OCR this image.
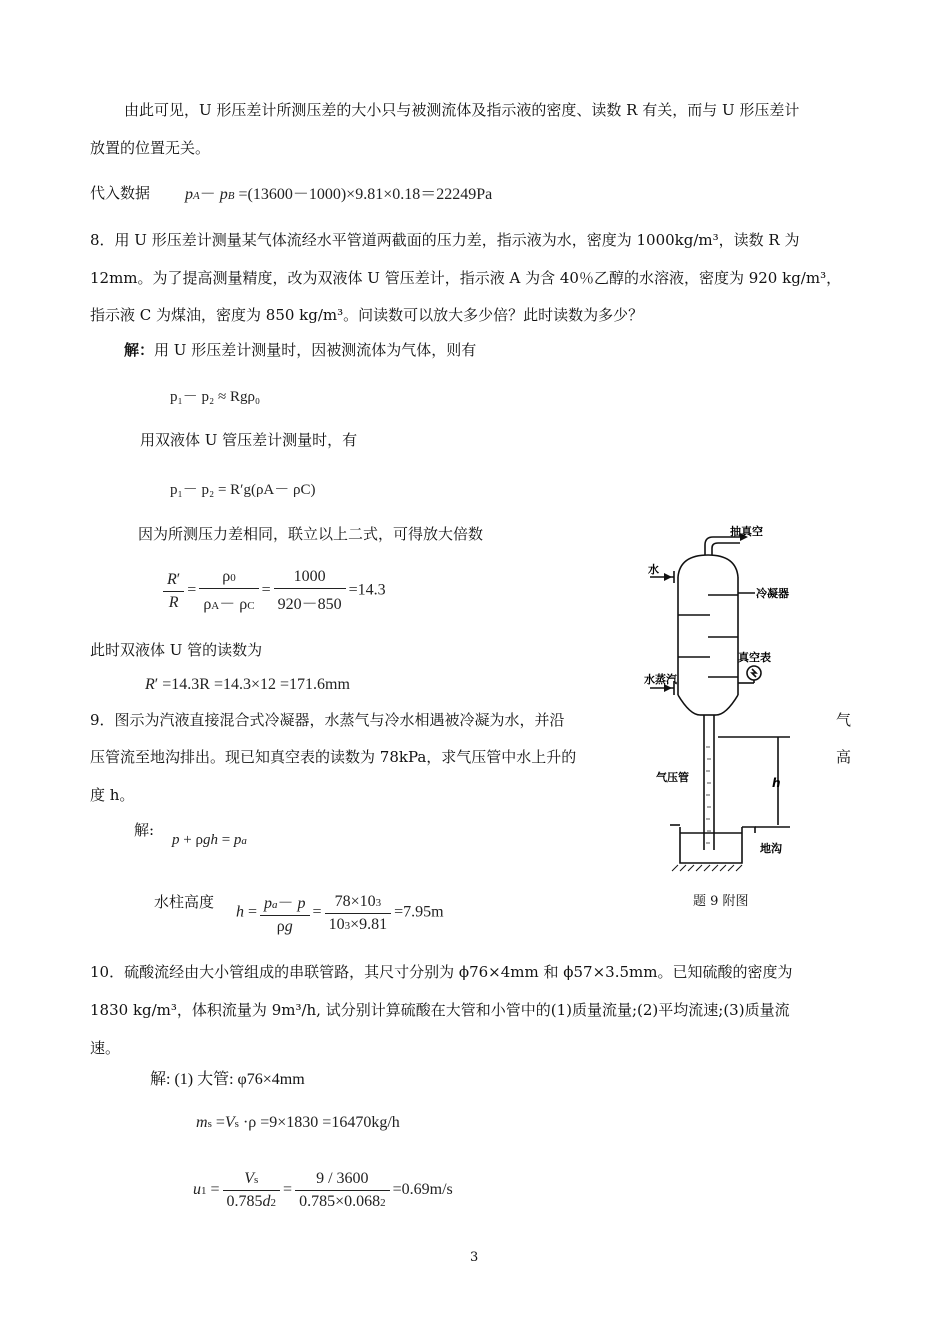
由此可见，U 形压差计所测压差的大小只与被测流体及指示液的密度、读数 R 有关，而与 U 形压差计
放置的位置无关。
代入数据 pA－ pB =(13600－1000)×9.81×0.18＝22249Pa
8．用 U 形压差计测量某气体流经水平管道两截面的压力差，指示液为水，密度为 1000kg/m³，读数 R 为
12mm。为了提高测量精度，改为双液体 U 管压差计，指示液 A 为含 40％乙醇的水溶液，密度为 920 kg/m³，
指示液 C 为煤油，密度为 850 kg/m³。问读数可以放大多少倍？此时读数为多少？
解：用 U 形压差计测量时，因被测流体为气体，则有
p₁－ p₂ ≈ Rgρ₀
用双液体 U 管压差计测量时，有
p₁－ p₂ = R′g(ρA－ ρC)
因为所测压力差相同，联立以上二式，可得放大倍数
$\frac{R'}{R} = \frac{\rho 0}{\rho A- \rho C} = \frac{1000}{920-850} =14.3$
此时双液体 U 管的读数为
R′ =14.3R =14.3×12 =171.6mm
9．图示为汽液直接混合式冷凝器，水蒸气与冷水相遇被冷凝为水，并沿	气
压管流至地沟排出。现已知真空表的读数为 78kPa，求气压管中水上升的	高
度 h。
解:
p + ρgh = pa
水柱高度
$h = \frac{pa- p}{\rho g} = \frac{78\times 103}{103\times 9.81} =7.95m$
抽真空
水
冷凝器
真空表
水蒸汽
气压管	h
地沟
题 9 附图
10．硫酸流经由大小管组成的串联管路，其尺寸分别为 ϕ76×4mm 和 ϕ57×3.5mm。已知硫酸的密度为
1830 kg/m³，体积流量为 9m³/h, 试分别计算硫酸在大管和小管中的(1)质量流量;(2)平均流速;(3)质量流
速。
解: (1) 大管: φ76×4mm
ms =Vs ·ρ =9×1830 =16470kg/h
$u1 = \frac{Vs}{0.785d2} = \frac{9 / 3600}{0.785\times 0.0682} =0.69m/s$
3
